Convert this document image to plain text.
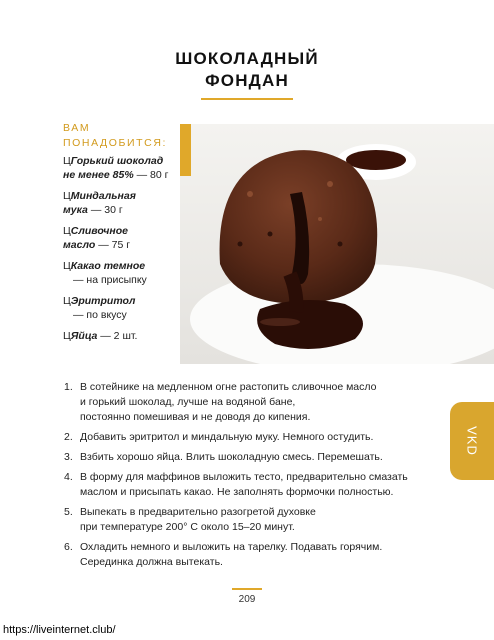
ШОКОЛАДНЫЙ
ФОНДАН
ВАМ
ПОНАДОБИТСЯ:
ЦГорький шоколад
не менее 85% — 80 г
ЦМиндальная
мука — 30 г
ЦСливочное
масло — 75 г
ЦКакао темное
— на присыпку
ЦЭритритол
— по вкусу
ЦЯйца — 2 шт.
1. В сотейнике на медленном огне растопить сливочное масло
и горький шоколад, лучше на водяной бане,
постоянно помешивая и не доводя до кипения.
2. Добавить эритритол и миндальную муку. Немного остудить.
3. Взбить хорошо яйца. Влить шоколадную смесь. Перемешать.
4. В форму для маффинов выложить тесто, предварительно смазать
маслом и присыпать какао. Не заполнять формочки полностью.
5. Выпекать в предварительно разогретой духовке
при температуре 200° С около 15–20 минут.
6. Охладить немного и выложить на тарелку. Подавать горячим.
Серединка должна вытекать.
VKD
209
https://liveinternet.club/
